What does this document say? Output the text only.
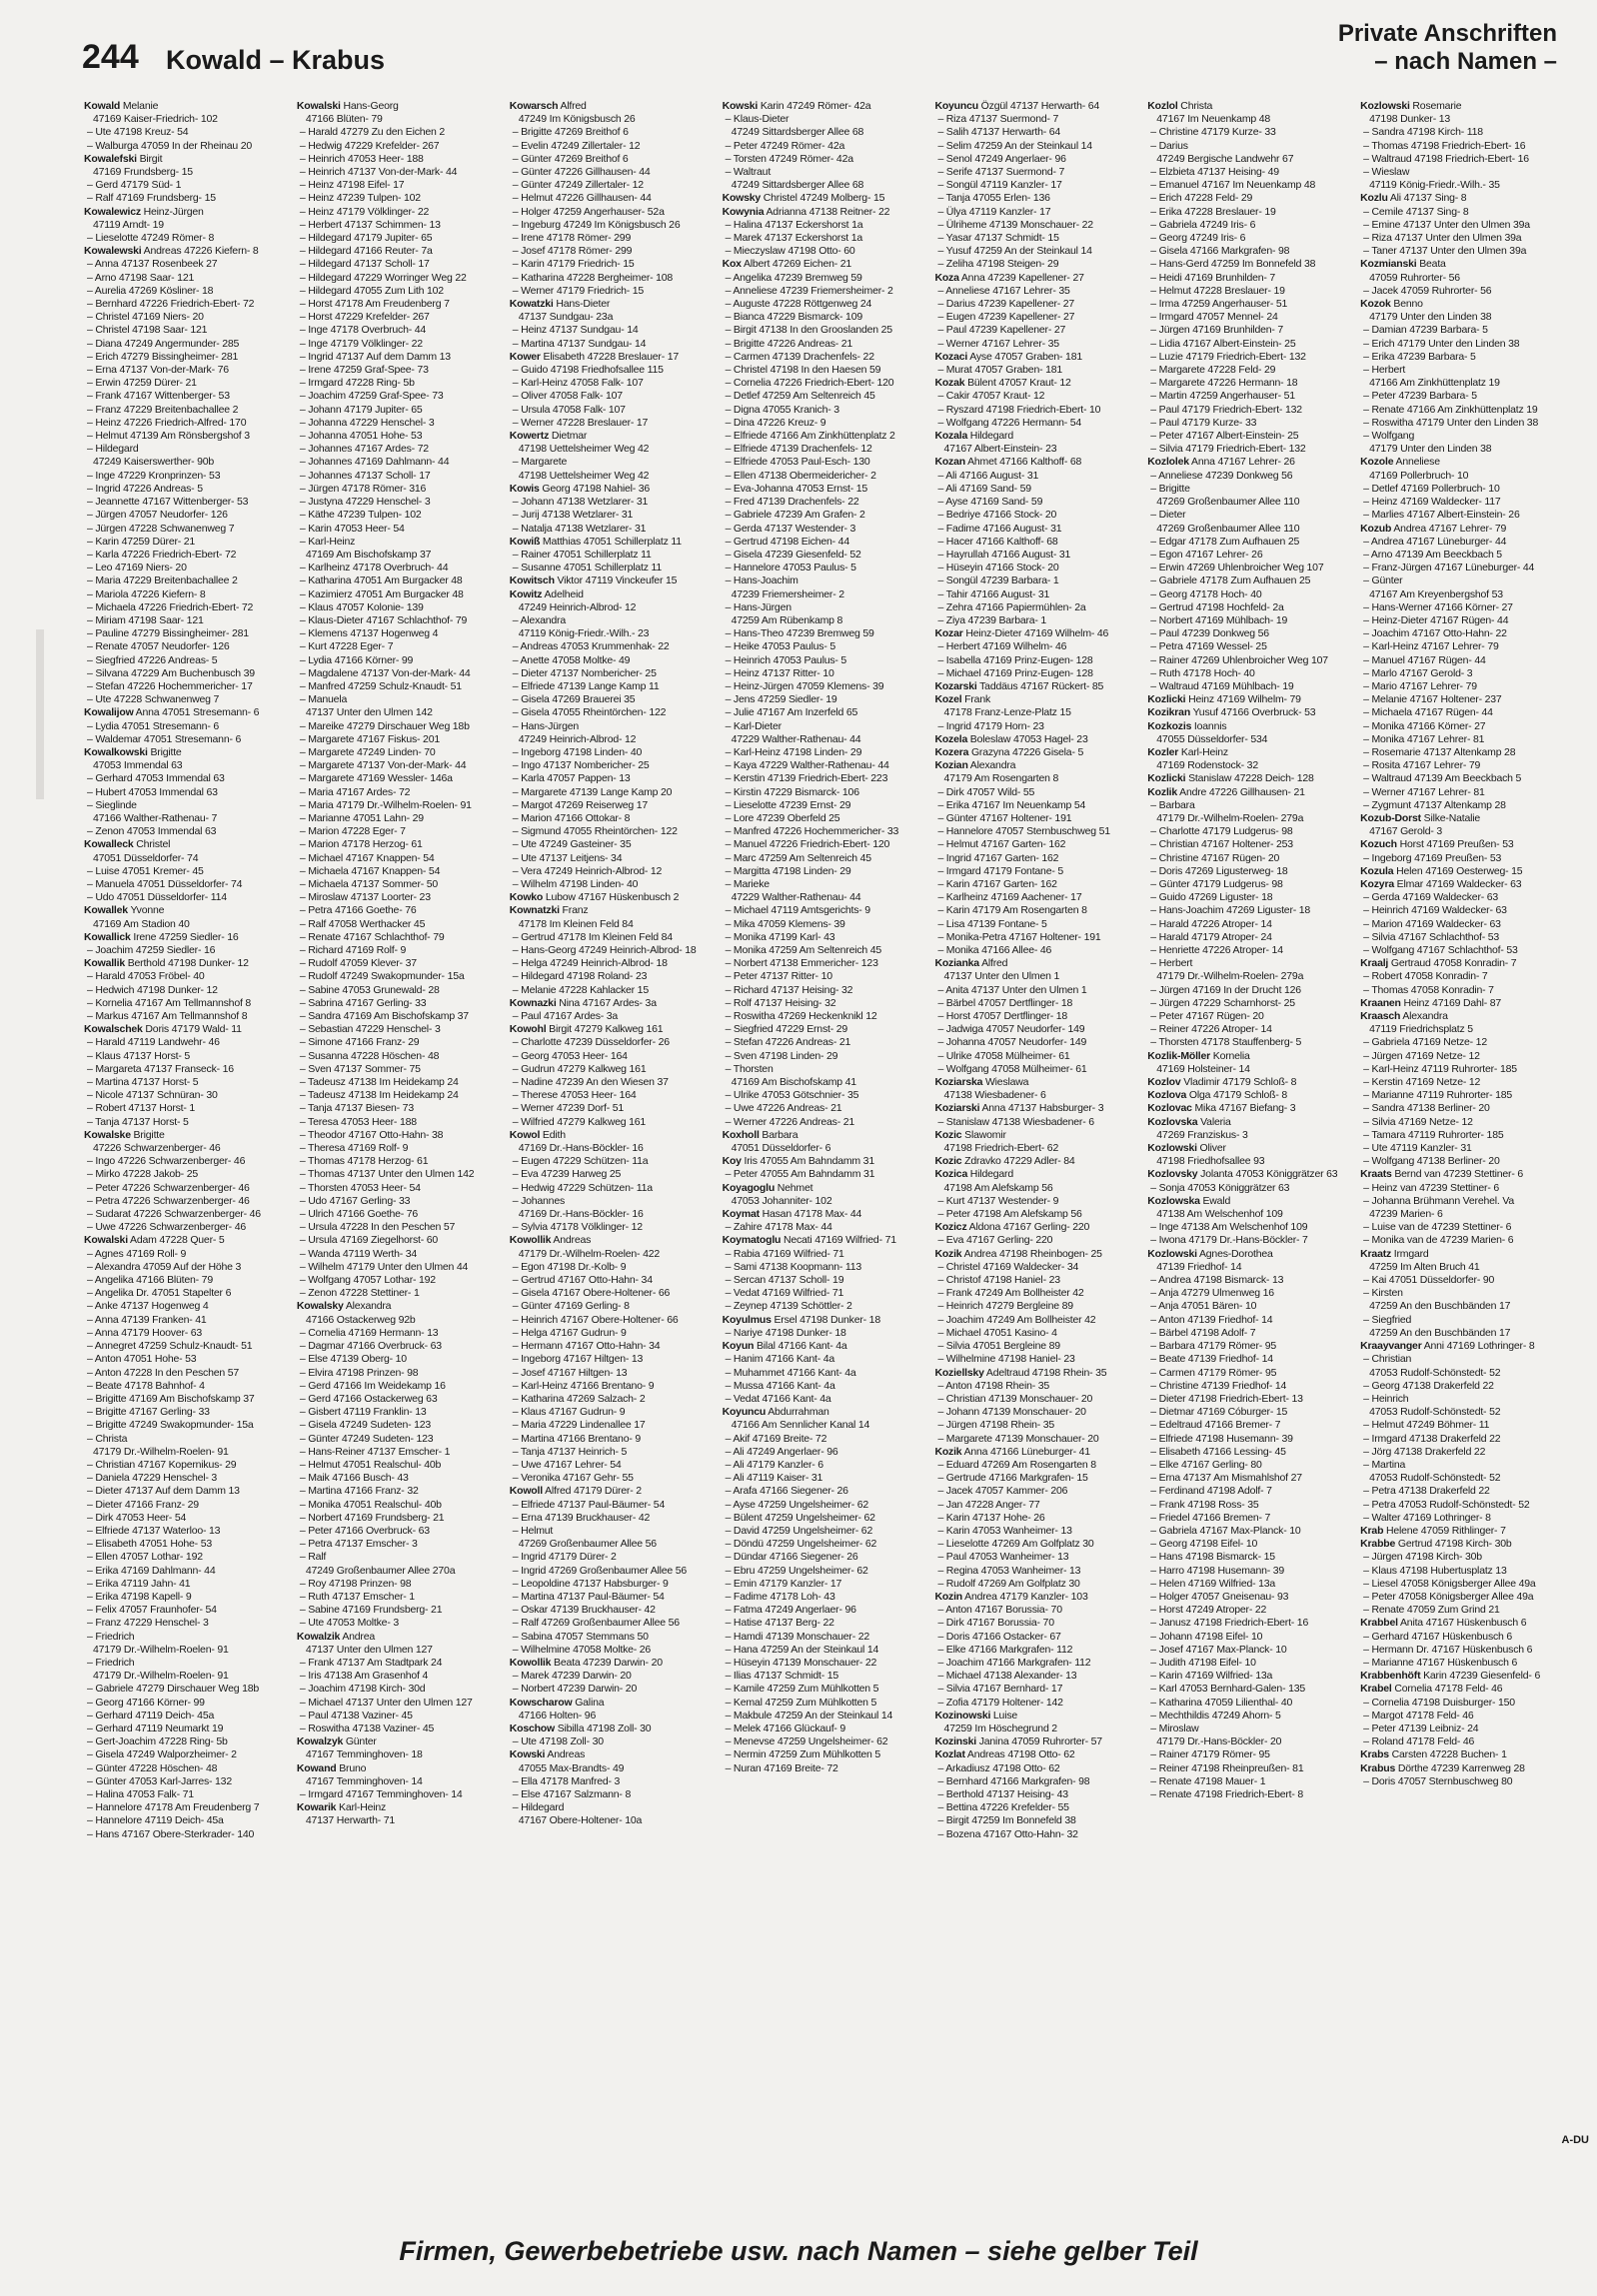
244 Kowald – Krabus
Private Anschriften
– nach Namen –
Kowald Melanie
47169 Kaiser-Friedrich- 102
– Ute 47198 Kreuz- 54
– Walburga 47059 In der Rheinau 20
Kowalefski Birgit
47169 Frundsberg- 15
– Gerd 47179 Süd- 1
– Ralf 47169 Frundsberg- 15
Kowalewicz Heinz-Jürgen
47119 Arndt- 19
– Lieselotte 47249 Römer- 8
Kowalewski Andreas 47226 Kiefern- 8
– Anna 47137 Rosenbeek 27
– Arno 47198 Saar- 121
– Aurelia 47269 Kösliner- 18
– Bernhard 47226 Friedrich-Ebert- 72
– Christel 47169 Niers- 20
– Christel 47198 Saar- 121
– Diana 47249 Angermunder- 285
– Erich 47279 Bissingheimer- 281
– Erna 47137 Von-der-Mark- 76
– Erwin 47259 Dürer- 21
– Frank 47167 Wittenberger- 53
– Franz 47229 Breitenbachallee 2
– Heinz 47226 Friedrich-Alfred- 170
– Helmut 47139 Am Rönsbergshof 3
– Hildegard
47249 Kaiserswerther- 90b
– Inge 47229 Kronprinzen- 53
– Ingrid 47226 Andreas- 5
– Jeannette 47167 Wittenberger- 53
– Jürgen 47057 Neudorfer- 126
– Jürgen 47228 Schwanenweg 7
– Karin 47259 Dürer- 21
– Karla 47226 Friedrich-Ebert- 72
– Leo 47169 Niers- 20
– Maria 47229 Breitenbachallee 2
– Mariola 47226 Kiefern- 8
– Michaela 47226 Friedrich-Ebert- 72
– Miriam 47198 Saar- 121
– Pauline 47279 Bissingheimer- 281
– Renate 47057 Neudorfer- 126
– Siegfried 47226 Andreas- 5
– Silvana 47229 Am Buchenbusch 39
– Stefan 47226 Hochemmericher- 17
– Ute 47228 Schwanenweg 7
Kowalijow Anna 47051 Stresemann- 6
– Lydia 47051 Stresemann- 6
– Waldemar 47051 Stresemann- 6
Kowalkowski Brigitte
47053 Immendal 63
– Gerhard 47053 Immendal 63
– Hubert 47053 Immendal 63
– Sieglinde
47166 Walther-Rathenau- 7
– Zenon 47053 Immendal 63
Kowalleck Christel
47051 Düsseldorfer- 74
– Luise 47051 Kremer- 45
– Manuela 47051 Düsseldorfer- 74
– Udo 47051 Düsseldorfer- 114
Kowallek Yvonne
47169 Am Stadion 40
Kowallick Irene 47259 Siedler- 16
– Joachim 47259 Siedler- 16
Kowallik Berthold 47198 Dunker- 12
– Harald 47053 Fröbel- 40
– Hedwich 47198 Dunker- 12
– Kornelia 47167 Am Tellmannshof 8
– Markus 47167 Am Tellmannshof 8
Kowalschek Doris 47179 Wald- 11
– Harald 47119 Landwehr- 46
– Klaus 47137 Horst- 5
– Margareta 47137 Franseck- 16
– Martina 47137 Horst- 5
– Nicole 47137 Schnüran- 30
– Robert 47137 Horst- 1
– Tanja 47137 Horst- 5
Kowalske Brigitte
47226 Schwarzenberger- 46
– Ingo 47226 Schwarzenberger- 46
– Mirko 47228 Jakob- 25
– Peter 47226 Schwarzenberger- 46
– Petra 47226 Schwarzenberger- 46
– Sudarat 47226 Schwarzenberger- 46
– Uwe 47226 Schwarzenberger- 46
Kowalski Adam 47228 Quer- 5
– Agnes 47169 Roll- 9
– Alexandra 47059 Auf der Höhe 3
– Angelika 47166 Blüten- 79
– Angelika Dr. 47051 Stapelter 6
– Anke 47137 Hogenweg 4
– Anna 47139 Franken- 41
– Anna 47179 Hoover- 63
– Annegret 47259 Schulz-Knaudt- 51
– Anton 47051 Hohe- 53
– Anton 47228 In den Peschen 57
– Beate 47178 Bahnhof- 4
– Brigitte 47169 Am Bischofskamp 37
– Brigitte 47167 Gerling- 33
– Brigitte 47249 Swakopmunder- 15a
– Christa
47179 Dr.-Wilhelm-Roelen- 91
– Christian 47167 Kopernikus- 29
– Daniela 47229 Henschel- 3
– Dieter 47137 Auf dem Damm 13
– Dieter 47166 Franz- 29
– Dirk 47053 Heer- 54
– Elfriede 47137 Waterloo- 13
– Elisabeth 47051 Hohe- 53
– Ellen 47057 Lothar- 192
– Erika 47169 Dahlmann- 44
– Erika 47119 Jahn- 41
– Erika 47198 Kapell- 9
– Felix 47057 Fraunhofer- 54
– Franz 47229 Henschel- 3
– Friedrich
47179 Dr.-Wilhelm-Roelen- 91
– Friedrich
47179 Dr.-Wilhelm-Roelen- 91
– Gabriele 47279 Dirschauer Weg 18b
– Georg 47166 Körner- 99
– Gerhard 47119 Deich- 45a
– Gerhard 47119 Neumarkt 19
– Gert-Joachim 47228 Ring- 5b
– Gisela 47249 Walporzheimer- 2
– Günter 47228 Höschen- 48
– Günter 47053 Karl-Jarres- 132
– Halina 47053 Falk- 71
– Hannelore 47178 Am Freudenberg 7
– Hannelore 47119 Deich- 45a
– Hans 47167 Obere-Sterkrader- 140
Kowalski Hans-Georg
47166 Blüten- 79
– Harald 47279 Zu den Eichen 2
– Hedwig 47229 Krefelder- 267
– Heinrich 47053 Heer- 188
– Heinrich 47137 Von-der-Mark- 44
– Heinz 47198 Eifel- 17
– Heinz 47239 Tulpen- 102
– Heinz 47179 Völklinger- 22
– Herbert 47137 Schimmen- 13
– Hildegard 47179 Jupiter- 65
– Hildegard 47166 Reuter- 7a
– Hildegard 47137 Scholl- 17
– Hildegard 47229 Worringer Weg 22
– Hildegard 47055 Zum Lith 102
– Horst 47178 Am Freudenberg 7
– Horst 47229 Krefelder- 267
– Inge 47178 Overbruch- 44
– Inge 47179 Völklinger- 22
– Ingrid 47137 Auf dem Damm 13
– Irene 47259 Graf-Spee- 73
– Irmgard 47228 Ring- 5b
– Joachim 47259 Graf-Spee- 73
– Johann 47179 Jupiter- 65
– Johanna 47229 Henschel- 3
– Johanna 47051 Hohe- 53
– Johannes 47167 Ardes- 72
– Johannes 47169 Dahlmann- 44
– Johannes 47137 Scholl- 17
– Jürgen 47178 Römer- 316
– Justyna 47229 Henschel- 3
– Käthe 47239 Tulpen- 102
– Karin 47053 Heer- 54
– Karl-Heinz
47169 Am Bischofskamp 37
– Karlheinz 47178 Overbruch- 44
– Katharina 47051 Am Burgacker 48
– Kazimierz 47051 Am Burgacker 48
– Klaus 47057 Kolonie- 139
– Klaus-Dieter 47167 Schlachthof- 79
– Klemens 47137 Hogenweg 4
– Kurt 47228 Eger- 7
– Lydia 47166 Körner- 99
– Magdalene 47137 Von-der-Mark- 44
– Manfred 47259 Schulz-Knaudt- 51
– Manuela
47137 Unter den Ulmen 142
– Mareike 47279 Dirschauer Weg 18b
– Margarete 47167 Fiskus- 201
– Margarete 47249 Linden- 70
– Margarete 47137 Von-der-Mark- 44
– Margarete 47169 Wessler- 146a
– Maria 47167 Ardes- 72
– Maria 47179 Dr.-Wilhelm-Roelen- 91
– Marianne 47051 Lahn- 29
– Marion 47228 Eger- 7
– Marion 47178 Herzog- 61
– Michael 47167 Knappen- 54
– Michaela 47167 Knappen- 54
– Michaela 47137 Sommer- 50
– Miroslaw 47137 Loorter- 23
– Petra 47166 Goethe- 76
– Ralf 47058 Werthacker 45
– Renate 47167 Schlachthof- 79
– Richard 47169 Rolf- 9
– Rudolf 47059 Klever- 37
– Rudolf 47249 Swakopmunder- 15a
– Sabine 47053 Grunewald- 28
– Sabrina 47167 Gerling- 33
– Sandra 47169 Am Bischofskamp 37
– Sebastian 47229 Henschel- 3
– Simone 47166 Franz- 29
– Susanna 47228 Höschen- 48
– Sven 47137 Sommer- 75
– Tadeusz 47138 Im Heidekamp 24
– Tadeusz 47138 Im Heidekamp 24
– Tanja 47137 Biesen- 73
– Teresa 47053 Heer- 188
– Theodor 47167 Otto-Hahn- 38
– Theresa 47169 Rolf- 9
– Thomas 47178 Herzog- 61
– Thomas 47137 Unter den Ulmen 142
– Thorsten 47053 Heer- 54
– Udo 47167 Gerling- 33
– Ulrich 47166 Goethe- 76
– Ursula 47228 In den Peschen 57
– Ursula 47169 Ziegelhorst- 60
– Wanda 47119 Werth- 34
– Wilhelm 47179 Unter den Ulmen 44
– Wolfgang 47057 Lothar- 192
– Zenon 47228 Stettiner- 1
Kowalsky Alexandra
47166 Ostackerweg 92b
– Cornelia 47169 Hermann- 13
– Dagmar 47166 Overbruck- 63
– Else 47139 Oberg- 10
– Elvira 47198 Prinzen- 98
– Gerd 47166 Im Weidekamp 16
– Gerd 47166 Ostackerweg 63
– Gisbert 47119 Franklin- 13
– Gisela 47249 Sudeten- 123
– Günter 47249 Sudeten- 123
– Hans-Reiner 47137 Emscher- 1
– Helmut 47051 Realschul- 40b
– Maik 47166 Busch- 43
– Martina 47166 Franz- 32
– Monika 47051 Realschul- 40b
– Norbert 47169 Frundsberg- 21
– Peter 47166 Overbruck- 63
– Petra 47137 Emscher- 3
– Ralf
47249 Großenbaumer Allee 270a
– Roy 47198 Prinzen- 98
– Ruth 47137 Emscher- 1
– Sabine 47169 Frundsberg- 21
– Ute 47053 Moltke- 3
Kowalzik Andrea
47137 Unter den Ulmen 127
– Frank 47137 Am Stadtpark 24
– Iris 47138 Am Grasenhof 4
– Joachim 47198 Kirch- 30d
– Michael 47137 Unter den Ulmen 127
– Paul 47138 Vaziner- 45
– Roswitha 47138 Vaziner- 45
Kowalzyk Günter
47167 Temminghoven- 18
Kowand Bruno
47167 Temminghoven- 14
– Irmgard 47167 Temminghoven- 14
Kowarik Karl-Heinz
47137 Herwarth- 71
Kowarsch Alfred
47249 Im Königsbusch 26
– Brigitte 47269 Breithof 6
– Evelin 47249 Zillertaler- 12
– Günter 47269 Breithof 6
– Günter 47226 Gillhausen- 44
– Günter 47249 Zillertaler- 12
– Helmut 47226 Gillhausen- 44
– Holger 47259 Angerhauser- 52a
– Ingeburg 47249 Im Königsbusch 26
– Irene 47178 Römer- 299
– Josef 47178 Römer- 299
– Karin 47179 Friedrich- 15
– Katharina 47228 Bergheimer- 108
– Werner 47179 Friedrich- 15
Kowatzki Hans-Dieter
47137 Sundgau- 23a
– Heinz 47137 Sundgau- 14
– Martina 47137 Sundgau- 14
Kower Elisabeth 47228 Breslauer- 17
– Guido 47198 Friedhofsallee 115
– Karl-Heinz 47058 Falk- 107
– Oliver 47058 Falk- 107
– Ursula 47058 Falk- 107
– Werner 47228 Breslauer- 17
Kowertz Dietmar
47198 Uettelsheimer Weg 42
– Margarete
47198 Uettelsheimer Weg 42
Kowis Georg 47198 Nahiel- 36
– Johann 47138 Wetzlarer- 31
– Jurij 47138 Wetzlarer- 31
– Natalja 47138 Wetzlarer- 31
Kowiß Matthias 47051 Schillerplatz 11
– Rainer 47051 Schillerplatz 11
– Susanne 47051 Schillerplatz 11
Kowitsch Viktor 47119 Vinckeufer 15
Kowitz Adelheid
47249 Heinrich-Albrod- 12
– Alexandra
47119 König-Friedr.-Wilh.- 23
– Andreas 47053 Krummenhak- 22
– Anette 47058 Moltke- 49
– Dieter 47137 Nombericher- 25
– Elfriede 47139 Lange Kamp 11
– Gisela 47269 Brauerei 35
– Gisela 47055 Rheintörchen- 122
– Hans-Jürgen
47249 Heinrich-Albrod- 12
– Ingeborg 47198 Linden- 40
– Ingo 47137 Nombericher- 25
– Karla 47057 Pappen- 13
– Margarete 47139 Lange Kamp 20
– Margot 47269 Reiserweg 17
– Marion 47166 Ottokar- 8
– Sigmund 47055 Rheintörchen- 122
– Ute 47249 Gasteiner- 35
– Ute 47137 Leitjens- 34
– Vera 47249 Heinrich-Albrod- 12
– Wilhelm 47198 Linden- 40
Kowko Lubow 47167 Hüskenbusch 2
Kownatzki Franz
47178 Im Kleinen Feld 84
– Gertrud 47178 Im Kleinen Feld 84
– Hans-Georg 47249 Heinrich-Albrod- 18
– Helga 47249 Heinrich-Albrod- 18
– Hildegard 47198 Roland- 23
– Melanie 47228 Kahlacker 15
Kownazki Nina 47167 Ardes- 3a
– Paul 47167 Ardes- 3a
Kowohl Birgit 47279 Kalkweg 161
– Charlotte 47239 Düsseldorfer- 26
– Georg 47053 Heer- 164
– Gudrun 47279 Kalkweg 161
– Nadine 47239 An den Wiesen 37
– Therese 47053 Heer- 164
– Werner 47239 Dorf- 51
– Wilfried 47279 Kalkweg 161
Kowol Edith
47169 Dr.-Hans-Böckler- 16
– Eugen 47229 Schützen- 11a
– Eva 47239 Harweg 25
– Hedwig 47229 Schützen- 11a
– Johannes
47169 Dr.-Hans-Böckler- 16
– Sylvia 47178 Völklinger- 12
Kowollik Andreas
47179 Dr.-Wilhelm-Roelen- 422
– Egon 47198 Dr.-Kolb- 9
– Gertrud 47167 Otto-Hahn- 34
– Gisela 47167 Obere-Holtener- 66
– Günter 47169 Gerling- 8
– Heinrich 47167 Obere-Holtener- 66
– Helga 47167 Gudrun- 9
– Hermann 47167 Otto-Hahn- 34
– Ingeborg 47167 Hiltgen- 13
– Josef 47167 Hiltgen- 13
– Karl-Heinz 47166 Brentano- 9
– Katharina 47269 Salzach- 2
– Klaus 47167 Gudrun- 9
– Maria 47229 Lindenallee 17
– Martina 47166 Brentano- 9
– Tanja 47137 Heinrich- 5
– Uwe 47167 Lehrer- 54
– Veronika 47167 Gehr- 55
Kowoll Alfred 47179 Dürer- 2
– Elfriede 47137 Paul-Bäumer- 54
– Erna 47139 Bruckhauser- 42
– Helmut
47269 Großenbaumer Allee 56
– Ingrid 47179 Dürer- 2
– Ingrid 47269 Großenbaumer Allee 56
– Leopoldine 47137 Habsburger- 9
– Martina 47137 Paul-Bäumer- 54
– Oskar 47139 Bruckhauser- 42
– Ralf 47269 Großenbaumer Allee 56
– Sabina 47057 Stemmans 50
– Wilhelmine 47058 Moltke- 26
Kowollik Beata 47239 Darwin- 20
– Marek 47239 Darwin- 20
– Norbert 47239 Darwin- 20
Kowscharow Galina
47166 Holten- 96
Koschow Sibilla 47198 Zoll- 30
– Ute 47198 Zoll- 30
Kowski Andreas
47055 Max-Brandts- 49
– Ella 47178 Manfred- 3
– Else 47167 Salzmann- 8
– Hildegard
47167 Obere-Holtener- 10a
Kowski Karin 47249 Römer- 42a
– Klaus-Dieter
47249 Sittardsberger Allee 68
– Peter 47249 Römer- 42a
– Torsten 47249 Römer- 42a
– Waltraut
47249 Sittardsberger Allee 68
Kowsky Christel 47249 Molberg- 15
Kowynia Adrianna 47138 Reitner- 22
– Halina 47137 Eckershorst 1a
– Marek 47137 Eckershorst 1a
– Mieczyslaw 47198 Otto- 60
Kox Albert 47269 Eichen- 21
– Angelika 47239 Bremweg 59
– Anneliese 47239 Friemersheimer- 2
– Auguste 47228 Röttgenweg 24
– Bianca 47229 Bismarck- 109
– Birgit 47138 In den Grooslanden 25
– Brigitte 47226 Andreas- 21
– Carmen 47139 Drachenfels- 22
– Christel 47198 In den Haesen 59
– Cornelia 47226 Friedrich-Ebert- 120
– Detlef 47259 Am Seltenreich 45
– Digna 47055 Kranich- 3
– Dina 47226 Kreuz- 9
– Elfriede 47166 Am Zinkhüttenplatz 2
– Elfriede 47139 Drachenfels- 12
– Elfriede 47053 Paul-Esch- 130
– Ellen 47138 Obermeidericher- 2
– Eva-Johanna 47053 Ernst- 15
– Fred 47139 Drachenfels- 22
– Gabriele 47239 Am Grafen- 2
– Gerda 47137 Westender- 3
– Gertrud 47198 Eichen- 44
– Gisela 47239 Giesenfeld- 52
– Hannelore 47053 Paulus- 5
– Hans-Joachim
47239 Friemersheimer- 2
– Hans-Jürgen
47259 Am Rübenkamp 8
– Hans-Theo 47239 Bremweg 59
– Heike 47053 Paulus- 5
– Heinrich 47053 Paulus- 5
– Heinz 47137 Ritter- 10
– Heinz-Jürgen 47059 Klemens- 39
– Jens 47259 Siedler- 19
– Julie 47167 Am Inzerfeld 65
– Karl-Dieter
47229 Walther-Rathenau- 44
– Karl-Heinz 47198 Linden- 29
– Kaya 47229 Walther-Rathenau- 44
– Kerstin 47139 Friedrich-Ebert- 223
– Kirstin 47229 Bismarck- 106
– Lieselotte 47239 Ernst- 29
– Lore 47239 Oberfeld 25
– Manfred 47226 Hochemmericher- 33
– Manuel 47226 Friedrich-Ebert- 120
– Marc 47259 Am Seltenreich 45
– Margitta 47198 Linden- 29
– Marieke
47229 Walther-Rathenau- 44
– Michael 47119 Amtsgerichts- 9
– Mika 47059 Klemens- 39
– Monika 47199 Karl- 43
– Monika 47259 Am Seltenreich 45
– Norbert 47138 Emmericher- 123
– Peter 47137 Ritter- 10
– Richard 47137 Heising- 32
– Rolf 47137 Heising- 32
– Roswitha 47269 Heckenknikl 12
– Siegfried 47229 Ernst- 29
– Stefan 47226 Andreas- 21
– Sven 47198 Linden- 29
– Thorsten
47169 Am Bischofskamp 41
– Ulrike 47053 Götschnier- 35
– Uwe 47226 Andreas- 21
– Werner 47226 Andreas- 21
Koxholl Barbara
47051 Düsseldorfer- 6
Koy Iris 47055 Am Bahndamm 31
– Peter 47055 Am Bahndamm 31
Koyagoglu Nehmet
47053 Johanniter- 102
Koymat Hasan 47178 Max- 44
– Zahire 47178 Max- 44
Koymatoglu Necati 47169 Wilfried- 71
– Rabia 47169 Wilfried- 71
– Sami 47138 Koopmann- 113
– Sercan 47137 Scholl- 19
– Vedat 47169 Wilfried- 71
– Zeynep 47139 Schöttler- 2
Koyulmus Ersel 47198 Dunker- 18
– Nariye 47198 Dunker- 18
Koyun Bilal 47166 Kant- 4a
– Hanim 47166 Kant- 4a
– Muhammet 47166 Kant- 4a
– Mussa 47166 Kant- 4a
– Vedat 47166 Kant- 4a
Koyuncu Abdurrahman
47166 Am Sennlicher Kanal 14
– Akif 47169 Breite- 72
– Ali 47249 Angerlaer- 96
– Ali 47179 Kanzler- 6
– Ali 47119 Kaiser- 31
– Arafa 47166 Siegener- 26
– Ayse 47259 Ungelsheimer- 62
– Bülent 47259 Ungelsheimer- 62
– David 47259 Ungelsheimer- 62
– Döndü 47259 Ungelsheimer- 62
– Dündar 47166 Siegener- 26
– Ebru 47259 Ungelsheimer- 62
– Emin 47179 Kanzler- 17
– Fadime 47178 Loh- 43
– Fatma 47249 Angerlaer- 96
– Hatise 47137 Berg- 22
– Hamdi 47139 Monschauer- 22
– Hana 47259 An der Steinkaul 14
– Hüseyin 47139 Monschauer- 22
– Ilias 47137 Schmidt- 15
– Kamile 47259 Zum Mühlkotten 5
– Kemal 47259 Zum Mühlkotten 5
– Makbule 47259 An der Steinkaul 14
– Melek 47166 Glückauf- 9
– Menevse 47259 Ungelsheimer- 62
– Nermin 47259 Zum Mühlkotten 5
– Nuran 47169 Breite- 72
Koyuncu Özgül 47137 Herwarth- 64
– Riza 47137 Suermond- 7
– Salih 47137 Herwarth- 64
– Selim 47259 An der Steinkaul 14
– Senol 47249 Angerlaer- 96
– Serife 47137 Suermond- 7
– Songül 47119 Kanzler- 17
– Tanja 47055 Erlen- 136
– Ülya 47119 Kanzler- 17
– Ülriheme 47139 Monschauer- 22
– Yasar 47137 Schmidt- 15
– Yusuf 47259 An der Steinkaul 14
– Zeliha 47198 Steigen- 29
Koza Anna 47239 Kapellener- 27
– Anneliese 47167 Lehrer- 35
– Darius 47239 Kapellener- 27
– Eugen 47239 Kapellener- 27
– Paul 47239 Kapellener- 27
– Werner 47167 Lehrer- 35
Kozaci Ayse 47057 Graben- 181
– Murat 47057 Graben- 181
Kozak Bülent 47057 Kraut- 12
– Cakir 47057 Kraut- 12
– Ryszard 47198 Friedrich-Ebert- 10
– Wolfgang 47226 Hermann- 54
Kozala Hildegard
47167 Albert-Einstein- 23
Kozan Ahmet 47166 Kalthoff- 68
– Ali 47166 August- 31
– Ali 47169 Sand- 59
– Ayse 47169 Sand- 59
– Bedriye 47166 Stock- 20
– Fadime 47166 August- 31
– Hacer 47166 Kalthoff- 68
– Hayrullah 47166 August- 31
– Hüseyin 47166 Stock- 20
– Songül 47239 Barbara- 1
– Tahir 47166 August- 31
– Zehra 47166 Papiermühlen- 2a
– Ziya 47239 Barbara- 1
Kozar Heinz-Dieter 47169 Wilhelm- 46
– Herbert 47169 Wilhelm- 46
– Isabella 47169 Prinz-Eugen- 128
– Michael 47169 Prinz-Eugen- 128
Kozarski Taddäus 47167 Rückert- 85
Kozel Frank
47178 Franz-Lenze-Platz 15
– Ingrid 47179 Horn- 23
Kozela Boleslaw 47053 Hagel- 23
Kozera Grazyna 47226 Gisela- 5
Kozian Alexandra
47179 Am Rosengarten 8
– Dirk 47057 Wild- 55
– Erika 47167 Im Neuenkamp 54
– Günter 47167 Holtener- 191
– Hannelore 47057 Sternbuschweg 51
– Helmut 47167 Garten- 162
– Ingrid 47167 Garten- 162
– Irmgard 47179 Fontane- 5
– Karin 47167 Garten- 162
– Karlheinz 47169 Aachener- 17
– Karin 47179 Am Rosengarten 8
– Lisa 47139 Fontane- 5
– Monika-Petra 47167 Holtener- 191
– Monika 47166 Allee- 46
Kozianka Alfred
47137 Unter den Ulmen 1
– Anita 47137 Unter den Ulmen 1
– Bärbel 47057 Dertflinger- 18
– Horst 47057 Dertflinger- 18
– Jadwiga 47057 Neudorfer- 149
– Johanna 47057 Neudorfer- 149
– Ulrike 47058 Mülheimer- 61
– Wolfgang 47058 Mülheimer- 61
Koziarska Wieslawa
47138 Wiesbadener- 6
Koziarski Anna 47137 Habsburger- 3
– Stanislaw 47138 Wiesbadener- 6
Kozic Slawomir
47198 Friedrich-Ebert- 62
Kozic Zdravko 47229 Adler- 84
Kozica Hildegard
47198 Am Alefskamp 56
– Kurt 47137 Westender- 9
– Peter 47198 Am Alefskamp 56
Kozicz Aldona 47167 Gerling- 220
– Eva 47167 Gerling- 220
Kozik Andrea 47198 Rheinbogen- 25
– Christel 47169 Waldecker- 34
– Christof 47198 Haniel- 23
– Frank 47249 Am Bollheister 42
– Heinrich 47279 Bergleine 89
– Joachim 47249 Am Bollheister 42
– Michael 47051 Kasino- 4
– Silvia 47051 Bergleine 89
– Wilhelmine 47198 Haniel- 23
Koziellsky Adeltraud 47198 Rhein- 35
– Anton 47198 Rhein- 35
– Christian 47139 Monschauer- 20
– Johann 47139 Monschauer- 20
– Jürgen 47198 Rhein- 35
– Margarete 47139 Monschauer- 20
Kozik Anna 47166 Lüneburger- 41
– Eduard 47269 Am Rosengarten 8
– Gertrude 47166 Markgrafen- 15
– Jacek 47057 Kammer- 206
– Jan 47228 Anger- 77
– Karin 47137 Hohe- 26
– Karin 47053 Wanheimer- 13
– Lieselotte 47269 Am Golfplatz 30
– Paul 47053 Wanheimer- 13
– Regina 47053 Wanheimer- 13
– Rudolf 47269 Am Golfplatz 30
Kozin Andrea 47179 Kanzler- 103
– Anton 47167 Borussia- 70
– Dirk 47167 Borussia- 70
– Doris 47166 Ostacker- 67
– Elke 47166 Markgrafen- 112
– Joachim 47166 Markgrafen- 112
– Michael 47138 Alexander- 13
– Silvia 47167 Bernhard- 17
– Zofia 47179 Holtener- 142
Kozinowski Luise
47259 Im Höschegrund 2
Kozinski Janina 47059 Ruhrorter- 57
Kozlat Andreas 47198 Otto- 62
– Arkadiusz 47198 Otto- 62
– Bernhard 47166 Markgrafen- 98
– Berthold 47137 Heising- 43
– Bettina 47226 Krefelder- 55
– Birgit 47259 Im Bonnefeld 38
– Bozena 47167 Otto-Hahn- 32
Kozlol Christa
47167 Im Neuenkamp 48
– Christine 47179 Kurze- 33
– Darius
47249 Bergische Landwehr 67
– Elzbieta 47137 Heising- 49
– Emanuel 47167 Im Neuenkamp 48
– Erich 47228 Feld- 29
– Erika 47228 Breslauer- 19
– Gabriela 47249 Iris- 6
– Georg 47249 Iris- 6
– Gisela 47166 Markgrafen- 98
– Hans-Gerd 47259 Im Bonnefeld 38
– Heidi 47169 Brunhilden- 7
– Helmut 47228 Breslauer- 19
– Irma 47259 Angerhauser- 51
– Irmgard 47057 Mennel- 24
– Jürgen 47169 Brunhilden- 7
– Lidia 47167 Albert-Einstein- 25
– Luzie 47179 Friedrich-Ebert- 132
– Margarete 47228 Feld- 29
– Margarete 47226 Hermann- 18
– Martin 47259 Angerhauser- 51
– Paul 47179 Friedrich-Ebert- 132
– Paul 47179 Kurze- 33
– Peter 47167 Albert-Einstein- 25
– Silvia 47179 Friedrich-Ebert- 132
Kozlolek Anna 47167 Lehrer- 26
– Anneliese 47239 Donkweg 56
– Brigitte
47269 Großenbaumer Allee 110
– Dieter
47269 Großenbaumer Allee 110
– Edgar 47178 Zum Aufhauen 25
– Egon 47167 Lehrer- 26
– Erwin 47269 Uhlenbroicher Weg 107
– Gabriele 47178 Zum Aufhauen 25
– Georg 47178 Hoch- 40
– Gertrud 47198 Hochfeld- 2a
– Norbert 47169 Mühlbach- 19
– Paul 47239 Donkweg 56
– Petra 47169 Wessel- 25
– Rainer 47269 Uhlenbroicher Weg 107
– Ruth 47178 Hoch- 40
– Waltraud 47169 Mühlbach- 19
Kozlicki Heinz 47169 Wilhelm- 79
Kozikran Yusuf 47166 Overbruck- 53
Kozkozis Ioannis
47055 Düsseldorfer- 534
Kozler Karl-Heinz
47169 Rodenstock- 32
Kozlicki Stanislaw 47228 Deich- 128
Kozlik Andre 47226 Gillhausen- 21
– Barbara
47179 Dr.-Wilhelm-Roelen- 279a
– Charlotte 47179 Ludgerus- 98
– Christian 47167 Holtener- 253
– Christine 47167 Rügen- 20
– Doris 47269 Ligusterweg- 18
– Günter 47179 Ludgerus- 98
– Guido 47269 Liguster- 18
– Hans-Joachim 47269 Liguster- 18
– Harald 47226 Atroper- 14
– Harald 47179 Atroper- 24
– Henriette 47226 Atroper- 14
– Herbert
47179 Dr.-Wilhelm-Roelen- 279a
– Jürgen 47169 In der Drucht 126
– Jürgen 47229 Scharnhorst- 25
– Peter 47167 Rügen- 20
– Reiner 47226 Atroper- 14
– Thorsten 47178 Stauffenberg- 5
Kozlik-Möller Kornelia
47169 Holsteiner- 14
Kozlov Vladimir 47179 Schloß- 8
Kozlova Olga 47179 Schloß- 8
Kozlovac Mika 47167 Biefang- 3
Kozlovska Valeria
47269 Franziskus- 3
Kozlowski Oliver
47198 Friedhofsallee 93
Kozlovsky Jolanta 47053 Königgrätzer 63
– Sonja 47053 Königgrätzer 63
Kozlowska Ewald
47138 Am Welschenhof 109
– Inge 47138 Am Welschenhof 109
– Iwona 47179 Dr.-Hans-Böckler- 7
Kozlowski Agnes-Dorothea
47139 Friedhof- 14
– Andrea 47198 Bismarck- 13
– Anja 47279 Ulmenweg 16
– Anja 47051 Bären- 10
– Anton 47139 Friedhof- 14
– Bärbel 47198 Adolf- 7
– Barbara 47179 Römer- 95
– Beate 47139 Friedhof- 14
– Carmen 47179 Römer- 95
– Christine 47139 Friedhof- 14
– Dieter 47198 Friedrich-Ebert- 13
– Dietmar 47169 Cóburger- 15
– Edeltraud 47166 Bremer- 7
– Elfriede 47198 Husemann- 39
– Elisabeth 47166 Lessing- 45
– Elke 47167 Gerling- 80
– Erna 47137 Am Mismahlshof 27
– Ferdinand 47198 Adolf- 7
– Frank 47198 Ross- 35
– Friedel 47166 Bremen- 7
– Gabriela 47167 Max-Planck- 10
– Georg 47198 Eifel- 10
– Hans 47198 Bismarck- 15
– Harro 47198 Husemann- 39
– Helen 47169 Wilfried- 13a
– Holger 47057 Gneisenau- 93
– Horst 47249 Atroper- 22
– Janusz 47198 Friedrich-Ebert- 16
– Johann 47198 Eifel- 10
– Josef 47167 Max-Planck- 10
– Judith 47198 Eifel- 10
– Karin 47169 Wilfried- 13a
– Karl 47053 Bernhard-Galen- 135
– Katharina 47059 Lilienthal- 40
– Mechthildis 47249 Ahorn- 5
– Miroslaw
47179 Dr.-Hans-Böckler- 20
– Rainer 47179 Römer- 95
– Reiner 47198 Rheinpreußen- 81
– Renate 47198 Mauer- 1
– Renate 47198 Friedrich-Ebert- 8
Kozlowski Rosemarie
47198 Dunker- 13
– Sandra 47198 Kirch- 118
– Thomas 47198 Friedrich-Ebert- 16
– Waltraud 47198 Friedrich-Ebert- 16
– Wieslaw
47119 König-Friedr.-Wilh.- 35
Kozlu Ali 47137 Sing- 8
– Cemile 47137 Sing- 8
– Emine 47137 Unter den Ulmen 39a
– Riza 47137 Unter den Ulmen 39a
– Taner 47137 Unter den Ulmen 39a
Kozmianski Beata
47059 Ruhrorter- 56
– Jacek 47059 Ruhrorter- 56
Kozok Benno
47179 Unter den Linden 38
– Damian 47239 Barbara- 5
– Erich 47179 Unter den Linden 38
– Erika 47239 Barbara- 5
– Herbert
47166 Am Zinkhüttenplatz 19
– Peter 47239 Barbara- 5
– Renate 47166 Am Zinkhüttenplatz 19
– Roswitha 47179 Unter den Linden 38
– Wolfgang
47179 Unter den Linden 38
Kozole Anneliese
47169 Pollerbruch- 10
– Detlef 47169 Pollerbruch- 10
– Heinz 47169 Waldecker- 117
– Marlies 47167 Albert-Einstein- 26
Kozub Andrea 47167 Lehrer- 79
– Andrea 47167 Lüneburger- 44
– Arno 47139 Am Beeckbach 5
– Franz-Jürgen 47167 Lüneburger- 44
– Günter
47167 Am Kreyenbergshof 53
– Hans-Werner 47166 Körner- 27
– Heinz-Dieter 47167 Rügen- 44
– Joachim 47167 Otto-Hahn- 22
– Karl-Heinz 47167 Lehrer- 79
– Manuel 47167 Rügen- 44
– Marlo 47167 Gerold- 3
– Mario 47167 Lehrer- 79
– Melanie 47167 Holtener- 237
– Michaela 47167 Rügen- 44
– Monika 47166 Körner- 27
– Monika 47167 Lehrer- 81
– Rosemarie 47137 Altenkamp 28
– Rosita 47167 Lehrer- 79
– Waltraud 47139 Am Beeckbach 5
– Werner 47167 Lehrer- 81
– Zygmunt 47137 Altenkamp 28
Kozub-Dorst Silke-Natalie
47167 Gerold- 3
Kozuch Horst 47169 Preußen- 53
– Ingeborg 47169 Preußen- 53
Kozula Helen 47169 Oesterweg- 15
Kozyra Elmar 47169 Waldecker- 63
– Gerda 47169 Waldecker- 63
– Heinrich 47169 Waldecker- 63
– Marion 47169 Waldecker- 63
– Silvia 47167 Schlachthof- 53
– Wolfgang 47167 Schlachthof- 53
Kraalj Gertraud 47058 Konradin- 7
– Robert 47058 Konradin- 7
– Thomas 47058 Konradin- 7
Kraanen Heinz 47169 Dahl- 87
Kraasch Alexandra
47119 Friedrichsplatz 5
– Gabriela 47169 Netze- 12
– Jürgen 47169 Netze- 12
– Karl-Heinz 47119 Ruhrorter- 185
– Kerstin 47169 Netze- 12
– Marianne 47119 Ruhrorter- 185
– Sandra 47138 Berliner- 20
– Silvia 47169 Netze- 12
– Tamara 47119 Ruhrorter- 185
– Ute 47119 Kanzler- 31
– Wolfgang 47138 Berliner- 20
Kraats Bernd van 47239 Stettiner- 6
– Heinz van 47239 Stettiner- 6
– Johanna Brühmann Verehel. Va
47239 Marien- 6
– Luise van de 47239 Stettiner- 6
– Monika van de 47239 Marien- 6
Kraatz Irmgard
47259 Im Alten Bruch 41
– Kai 47051 Düsseldorfer- 90
– Kirsten
47259 An den Buschbänden 17
– Siegfried
47259 An den Buschbänden 17
Kraayvanger Anni 47169 Lothringer- 8
– Christian
47053 Rudolf-Schönstedt- 52
– Georg 47138 Drakerfeld 22
– Heinrich
47053 Rudolf-Schönstedt- 52
– Helmut 47249 Böhmer- 11
– Irmgard 47138 Drakerfeld 22
– Jörg 47138 Drakerfeld 22
– Martina
47053 Rudolf-Schönstedt- 52
– Petra 47138 Drakerfeld 22
– Petra 47053 Rudolf-Schönstedt- 52
– Walter 47169 Lothringer- 8
Krab Helene 47059 Rithlinger- 7
Krabbe Gertrud 47198 Kirch- 30b
– Jürgen 47198 Kirch- 30b
– Klaus 47198 Hubertusplatz 13
– Liesel 47058 Königsberger Allee 49a
– Peter 47058 Königsberger Allee 49a
– Renate 47059 Zum Grind 21
Krabbel Anita 47167 Hüskenbusch 6
– Gerhard 47167 Hüskenbusch 6
– Hermann Dr. 47167 Hüskenbusch 6
– Marianne 47167 Hüskenbusch 6
Krabbenhöft Karin 47239 Giesenfeld- 6
Krabel Cornelia 47178 Feld- 46
– Cornelia 47198 Duisburger- 150
– Margot 47178 Feld- 46
– Peter 47139 Leibniz- 24
– Roland 47178 Feld- 46
Krabs Carsten 47228 Buchen- 1
Krabus Dörthe 47239 Karrenweg 28
– Doris 47057 Sternbuschweg 80
A-DU
Firmen, Gewerbebetriebe usw. nach Namen – siehe gelber Teil
